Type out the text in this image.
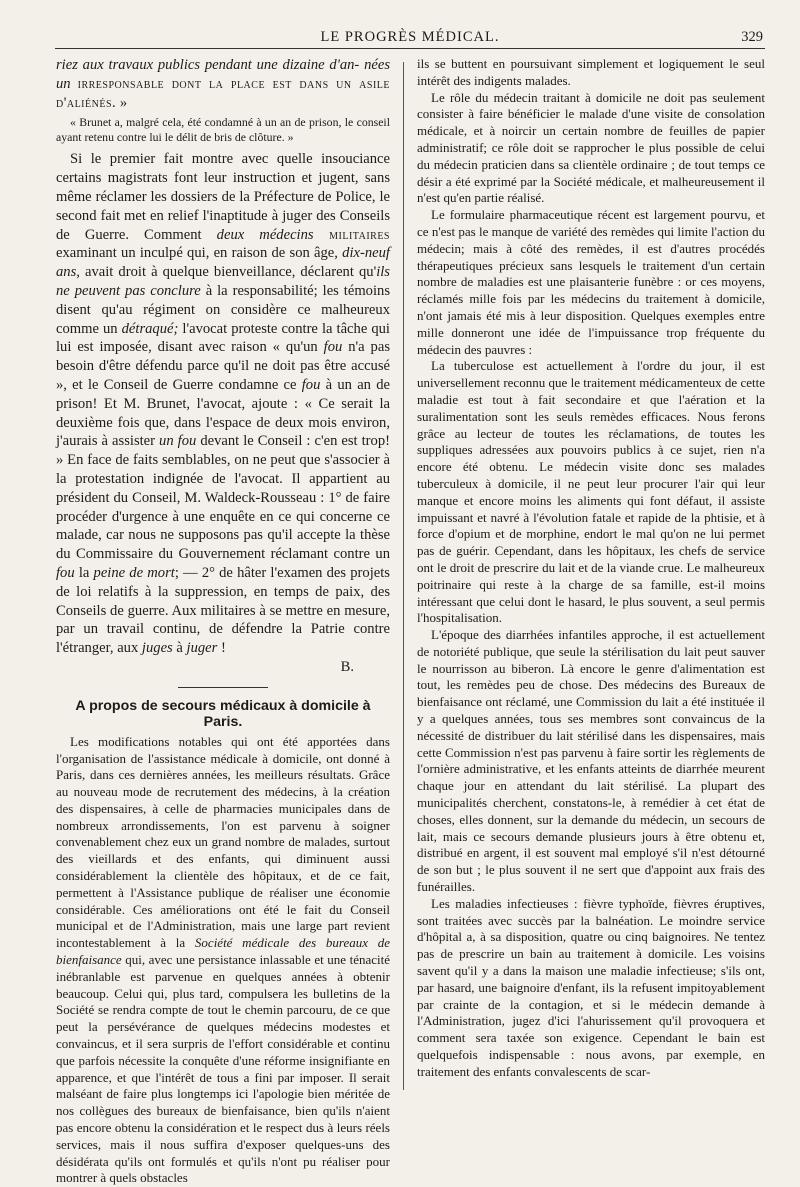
LE PROGRÈS MÉDICAL.	329

riez aux travaux publics pendant une dizaine d'an- nées un irresponsable dont la place est dans un asile d'aliénés. »

« Brunet a, malgré cela, été condamné à un an de prison, le conseil ayant retenu contre lui le délit de bris de clôture. »

Si le premier fait montre avec quelle insouciance certains magistrats font leur instruction et jugent, sans même réclamer les dossiers de la Préfecture de Police, le second fait met en relief l'inaptitude à juger des Conseils de Guerre. Comment deux médecins militaires examinant un inculpé qui, en raison de son âge, dix-neuf ans, avait droit à quelque bienveillance, déclarent qu'ils ne peuvent pas conclure à la responsabilité; les témoins disent qu'au régiment on considère ce malheureux comme un détraqué; l'avocat proteste contre la tâche qui lui est imposée, disant avec raison « qu'un fou n'a pas besoin d'être défendu parce qu'il ne doit pas être accusé », et le Conseil de Guerre condamne ce fou à un an de prison! Et M. Brunet, l'avocat, ajoute : « Ce serait la deuxième fois que, dans l'espace de deux mois environ, j'aurais à assister un fou devant le Conseil : c'en est trop! » En face de faits semblables, on ne peut que s'associer à la protestation indignée de l'avocat. Il appartient au président du Conseil, M. Waldeck-Rousseau : 1° de faire procéder d'urgence à une enquête en ce qui concerne ce malade, car nous ne supposons pas qu'il accepte la thèse du Commissaire du Gouvernement réclamant contre un fou la peine de mort; — 2° de hâter l'examen des projets de loi relatifs à la suppression, en temps de paix, des Conseils de guerre. Aux militaires à se mettre en mesure, par un travail continu, de défendre la Patrie contre l'étranger, aux juges à juger !

B.

A propos de secours médicaux à domicile à Paris.

Les modifications notables qui ont été apportées dans l'organisation de l'assistance médicale à domicile, ont donné à Paris, dans ces dernières années, les meilleurs résultats. Grâce au nouveau mode de recrutement des médecins, à la création des dispensaires, à celle de pharmacies municipales dans de nombreux arrondissements, l'on est parvenu à soigner convenablement chez eux un grand nombre de malades, surtout des vieillards et des enfants, qui diminuent aussi considérablement la clientèle des hôpitaux, et de ce fait, permettent à l'Assistance publique de réaliser une économie considérable. Ces améliorations ont été le fait du Conseil municipal et de l'Administration, mais une large part revient incontestablement à la Société médicale des bureaux de bienfaisance qui, avec une persistance inlassable et une ténacité inébranlable est parvenue en quelques années à obtenir beaucoup. Celui qui, plus tard, compulsera les bulletins de la Société se rendra compte de tout le chemin parcouru, de ce que peut la persévérance de quelques médecins modestes et convaincus, et il sera surpris de l'effort considérable et continu que parfois nécessite la conquête d'une réforme insignifiante en apparence, et que l'intérêt de tous a fini par imposer. Il serait malséant de faire plus longtemps ici l'apologie bien méritée de nos collègues des bureaux de bienfaisance, bien qu'ils n'aient pas encore obtenu la considération et le respect dus à leurs réels services, mais il nous suffira d'exposer quelques-uns des désidérata qu'ils ont formulés et qu'ils n'ont pu réaliser pour montrer à quels obstacles

ils se buttent en poursuivant simplement et logiquement le seul intérêt des indigents malades.

Le rôle du médecin traitant à domicile ne doit pas seulement consister à faire bénéficier le malade d'une visite de consolation médicale, et à noircir un certain nombre de feuilles de papier administratif; ce rôle doit se rapprocher le plus possible de celui du médecin praticien dans sa clientèle ordinaire ; de tout temps ce désir a été exprimé par la Société médicale, et malheureusement il n'est qu'en partie réalisé.

Le formulaire pharmaceutique récent est largement pourvu, et ce n'est pas le manque de variété des remèdes qui limite l'action du médecin; mais à côté des remèdes, il est d'autres procédés thérapeutiques précieux sans lesquels le traitement d'un certain nombre de maladies est une plaisanterie funèbre : or ces moyens, réclamés mille fois par les médecins du traitement à domicile, n'ont jamais été mis à leur disposition. Quelques exemples entre mille donneront une idée de l'impuissance trop fréquente du médecin des pauvres :

La tuberculose est actuellement à l'ordre du jour, il est universellement reconnu que le traitement médicamenteux de cette maladie est tout à fait secondaire et que l'aération et la suralimentation sont les seuls remèdes efficaces. Nous ferons grâce au lecteur de toutes les réclamations, de toutes les suppliques adressées aux pouvoirs publics à ce sujet, rien n'a encore été obtenu. Le médecin visite donc ses malades tuberculeux à domicile, il ne peut leur procurer l'air qui leur manque et encore moins les aliments qui font défaut, il assiste impuissant et navré à l'évolution fatale et rapide de la phtisie, et à force d'opium et de morphine, endort le mal qu'on ne lui permet pas de guérir. Cependant, dans les hôpitaux, les chefs de service ont le droit de prescrire du lait et de la viande crue. Le malheureux poitrinaire qui reste à la charge de sa famille, est-il moins intéressant que celui dont le hasard, le plus souvent, a seul permis l'hospitalisation.

L'époque des diarrhées infantiles approche, il est actuellement de notoriété publique, que seule la stérilisation du lait peut sauver le nourrisson au biberon. Là encore le genre d'alimentation est tout, les remèdes peu de chose. Des médecins des Bureaux de bienfaisance ont réclamé, une Commission du lait a été instituée il y a quelques années, tous ses membres sont convaincus de la nécessité de distribuer du lait stérilisé dans les dispensaires, mais cette Commission n'est pas parvenu à faire sortir les règlements de l'ornière administrative, et les enfants atteints de diarrhée meurent chaque jour en attendant du lait stérilisé. La plupart des municipalités cherchent, constatons-le, à remédier à cet état de choses, elles donnent, sur la demande du médecin, un secours de lait, mais ce secours demande plusieurs jours à être obtenu et, distribué en argent, il est souvent mal employé s'il n'est détourné de son but ; le plus souvent il ne sert que d'appoint aux frais des funérailles.

Les maladies infectieuses : fièvre typhoïde, fièvres éruptives, sont traitées avec succès par la balnéation. Le moindre service d'hôpital a, à sa disposition, quatre ou cinq baignoires. Ne tentez pas de prescrire un bain au traitement à domicile. Les voisins savent qu'il y a dans la maison une maladie infectieuse; s'ils ont, par hasard, une baignoire d'enfant, ils la refusent impitoyablement par crainte de la contagion, et si le médecin demande à l'Administration, jugez d'ici l'ahurissement qu'il provoquera et comment sera taxée son exigence. Cependant le bain est quelquefois indispensable : nous avons, par exemple, en traitement des enfants convalescents de scar-
